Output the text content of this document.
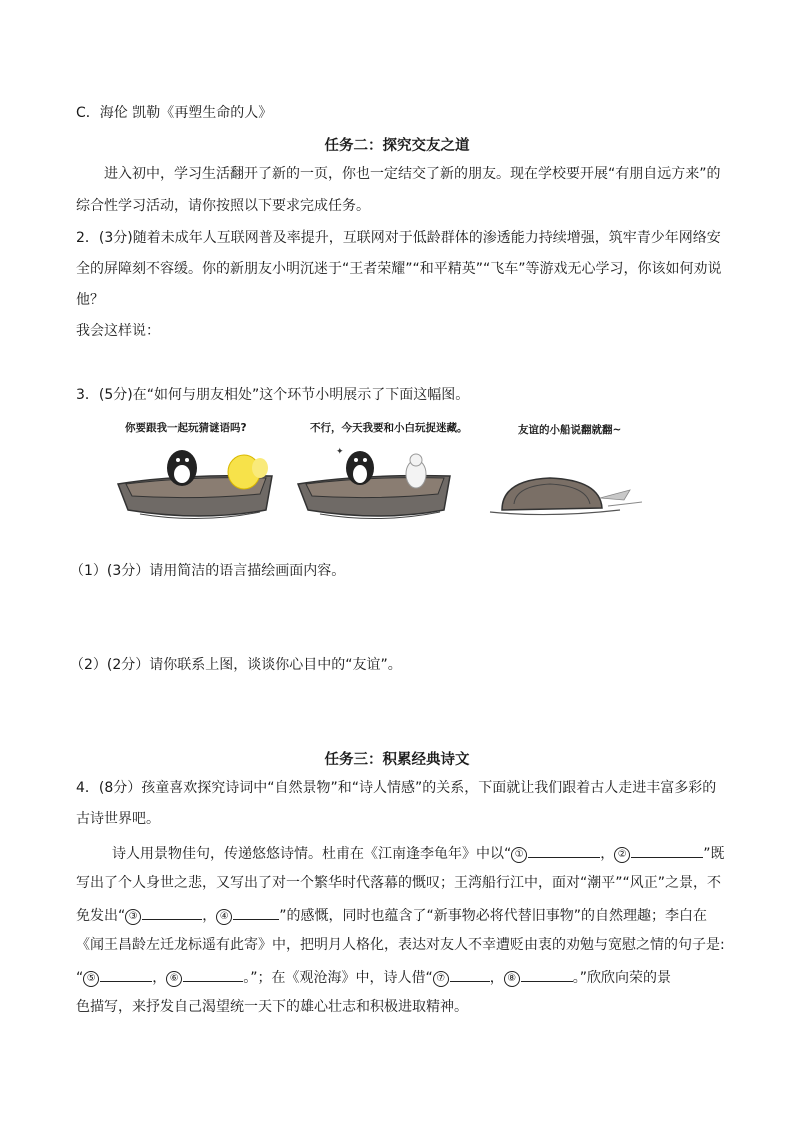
C．海伦 凯勒《再塑生命的人》
任务二：探究交友之道
进入初中，学习生活翻开了新的一页，你也一定结交了新的朋友。现在学校要开展“有朋自远方来”的
综合性学习活动，请你按照以下要求完成任务。
2．(3分)随着未成年人互联网普及率提升，互联网对于低龄群体的渗透能力持续增强，筑牢青少年网络安
全的屏障刻不容缓。你的新朋友小明沉迷于“王者荣耀”“和平精英”“飞车”等游戏无心学习，你该如何劝说
他？
我会这样说：
3．(5分)在“如何与朋友相处”这个环节小明展示了下面这幅图。
你要跟我一起玩猜谜语吗?	不行，今天我要和小白玩捉迷藏。	友谊的小船说翻就翻~
✦
（1）(3分）请用简洁的语言描绘画面内容。
（2）(2分）请你联系上图，谈谈你心目中的“友谊”。
任务三：积累经典诗文
4．(8分）孩童喜欢探究诗词中“自然景物”和“诗人情感”的关系，下面就让我们跟着古人走进丰富多彩的
古诗世界吧。
诗人用景物佳句，传递悠悠诗情。杜甫在《江南逢李龟年》中以“ ①	， ②	”既
写出了个人身世之悲，又写出了对一个繁华时代落幕的慨叹；王湾船行江中，面对“潮平”“风正”之景，不
免发出“ ③	， ④	”的感慨，同时也蕴含了“新事物必将代替旧事物”的自然理趣；李白在
《闻王昌龄左迁龙标遥有此寄》中，把明月人格化，表达对友人不幸遭贬由衷的劝勉与宽慰之情的句子是:
“ ⑤	， ⑥	。”；在《观沧海》中，诗人借“ ⑦	， ⑧	。”欣欣向荣的景
色描写，来抒发自己渴望统一天下的雄心壮志和积极进取精神。
